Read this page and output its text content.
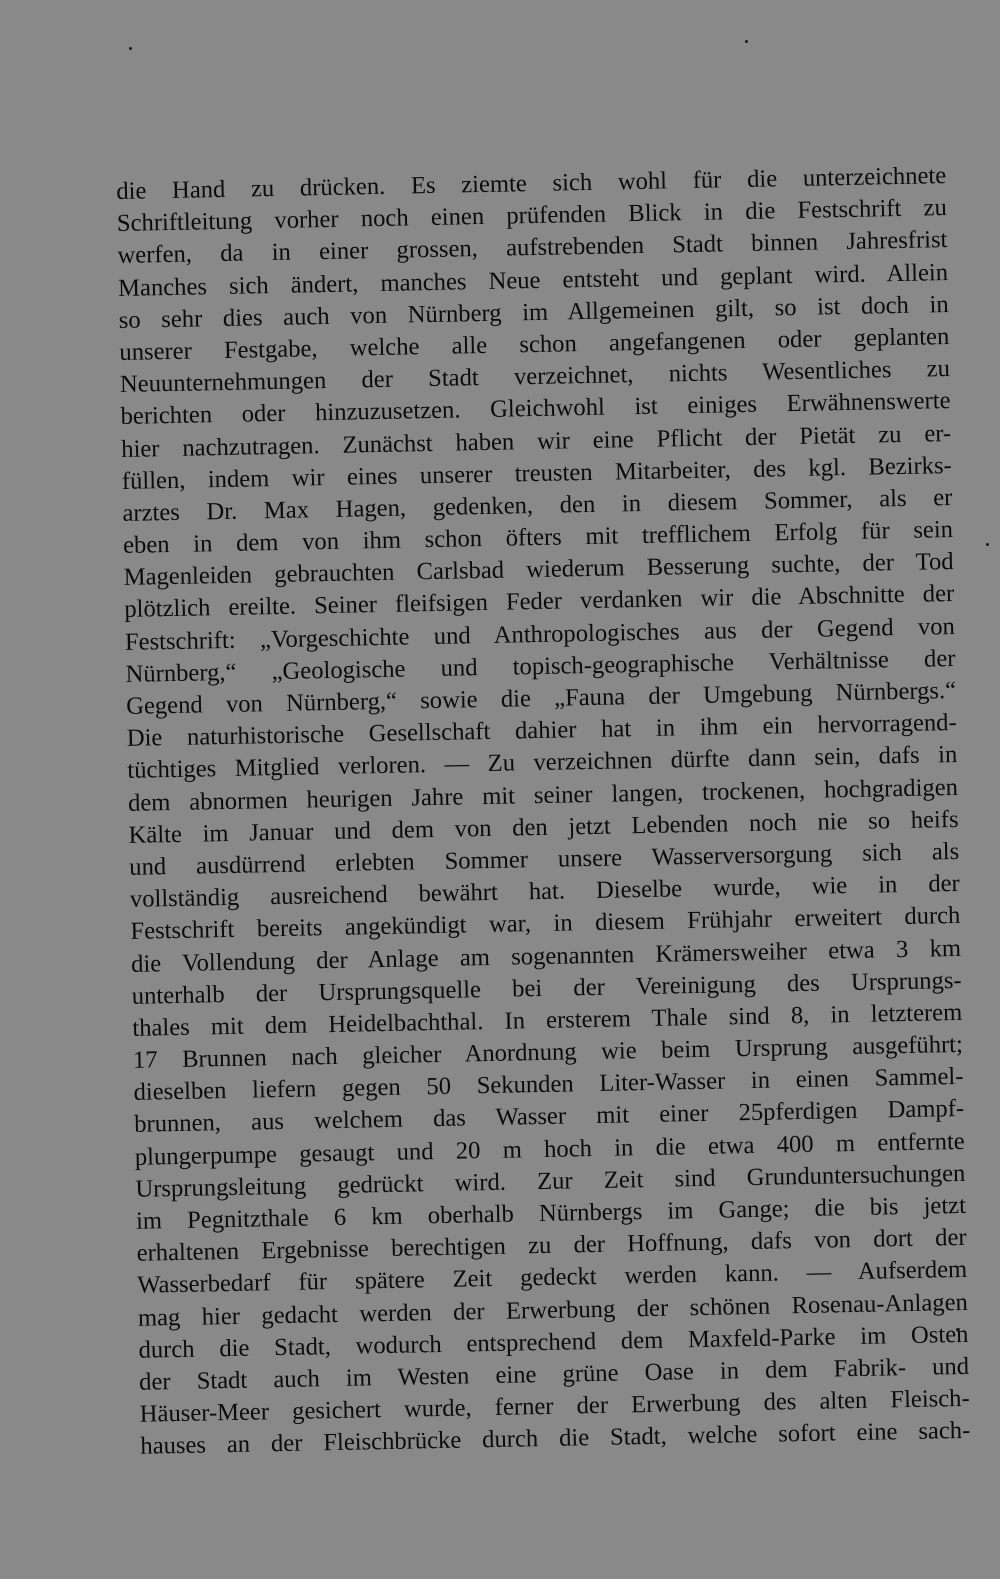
die Hand zu drücken. Es ziemte sich wohl für die unterzeichnete
Schriftleitung vorher noch einen prüfenden Blick in die Festschrift zu
werfen, da in einer grossen, aufstrebenden Stadt binnen Jahresfrist
Manches sich ändert, manches Neue entsteht und geplant wird. Allein
so sehr dies auch von Nürnberg im Allgemeinen gilt, so ist doch in
unserer Festgabe, welche alle schon angefangenen oder geplanten
Neuunternehmungen der Stadt verzeichnet, nichts Wesentliches zu
berichten oder hinzuzusetzen. Gleichwohl ist einiges Erwähnenswerte
hier nachzutragen. Zunächst haben wir eine Pflicht der Pietät zu er-
füllen, indem wir eines unserer treusten Mitarbeiter, des kgl. Bezirks-
arztes Dr. Max Hagen, gedenken, den in diesem Sommer, als er
eben in dem von ihm schon öfters mit trefflichem Erfolg für sein
Magenleiden gebrauchten Carlsbad wiederum Besserung suchte, der Tod
plötzlich ereilte. Seiner fleifsigen Feder verdanken wir die Abschnitte der
Festschrift: „Vorgeschichte und Anthropologisches aus der Gegend von
Nürnberg,“ „Geologische und topisch-geographische Verhältnisse der
Gegend von Nürnberg,“ sowie die „Fauna der Umgebung Nürnbergs.“
Die naturhistorische Gesellschaft dahier hat in ihm ein hervorragend-
tüchtiges Mitglied verloren. — Zu verzeichnen dürfte dann sein, dafs in
dem abnormen heurigen Jahre mit seiner langen, trockenen, hochgradigen
Kälte im Januar und dem von den jetzt Lebenden noch nie so heifs
und ausdürrend erlebten Sommer unsere Wasserversorgung sich als
vollständig ausreichend bewährt hat. Dieselbe wurde, wie in der
Festschrift bereits angekündigt war, in diesem Frühjahr erweitert durch
die Vollendung der Anlage am sogenannten Krämersweiher etwa 3 km
unterhalb der Ursprungsquelle bei der Vereinigung des Ursprungs-
thales mit dem Heidelbachthal. In ersterem Thale sind 8, in letzterem
17 Brunnen nach gleicher Anordnung wie beim Ursprung ausgeführt;
dieselben liefern gegen 50 Sekunden Liter-Wasser in einen Sammel-
brunnen, aus welchem das Wasser mit einer 25pferdigen Dampf-
plungerpumpe gesaugt und 20 m hoch in die etwa 400 m entfernte
Ursprungsleitung gedrückt wird. Zur Zeit sind Grunduntersuchungen
im Pegnitzthale 6 km oberhalb Nürnbergs im Gange; die bis jetzt
erhaltenen Ergebnisse berechtigen zu der Hoffnung, dafs von dort der
Wasserbedarf für spätere Zeit gedeckt werden kann. — Aufserdem
mag hier gedacht werden der Erwerbung der schönen Rosenau-Anlagen
durch die Stadt, wodurch entsprechend dem Maxfeld-Parke im Osten
der Stadt auch im Westen eine grüne Oase in dem Fabrik- und
Häuser-Meer gesichert wurde, ferner der Erwerbung des alten Fleisch-
hauses an der Fleischbrücke durch die Stadt, welche sofort eine sach-
